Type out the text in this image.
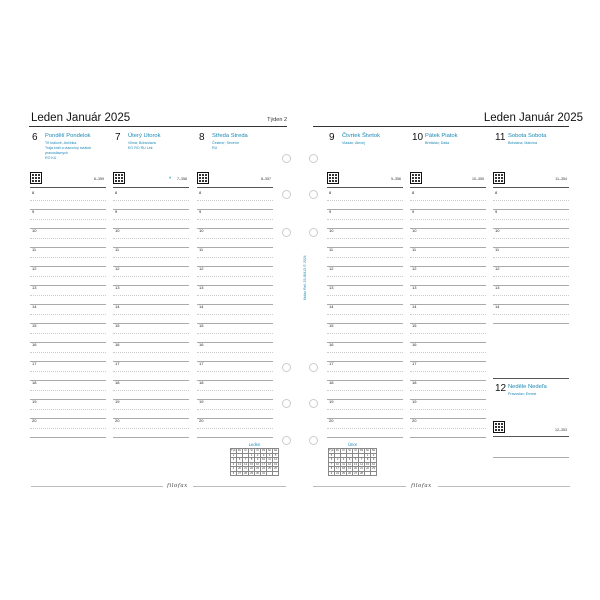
Leden Január 2025	Týden 2
6 Pondělí Pondelok
Tři králové, Ančinka
Traja králi a vianočný sviatok pravoslávnych
RO KU
6–359
8
9
10
11
12
13
14
15
16
17
18
19
20
7 Úterý Utorok
Vilma; Bohuslava
EG RO RU Lek
◐ 7–358
8
9
10
11
12
13
14
15
16
17
18
19
20
8 Středa Streda
Čestmír; Severín
RU
8–357
8
9
10
11
12
13
14
15
16
17
18
19
20
Leden
Týd.	Po	Út	St	Čt	Pá	So	Ne
1			1	2	3	4	5
2	6	7	8	9	10	11	12
3	13	14	15	16	17	18	19
4	20	21	22	23	24	25	26
5	27	28	29	30	31		
filofax
Leden Január 2025
9 Čtvrtek Štvrtok
Vladan; Alexej
9–356
8
9
10
11
12
13
14
15
16
17
18
19
20
10 Pátek Piatok
Břetislav; Dáša
10–355
8
9
10
11
12
13
14
15
16
17
18
19
20
11 Sobota Sobota
Bohdana; Malvína
11–354
8
9
10
11
12
13
14
12 Neděle Nedeľa
Pravoslav; Ernest
12–353
Únor
Týd.	Po	Út	St	Čt	Pá	So	Ne
5						1	2
6	3	4	5	6	7	8	9
7	10	11	12	13	14	15	16
8	17	18	19	20	21	22	23
9	24	25	26	27	28		
filofax
filofax Ref: 25-68415 © 2024
